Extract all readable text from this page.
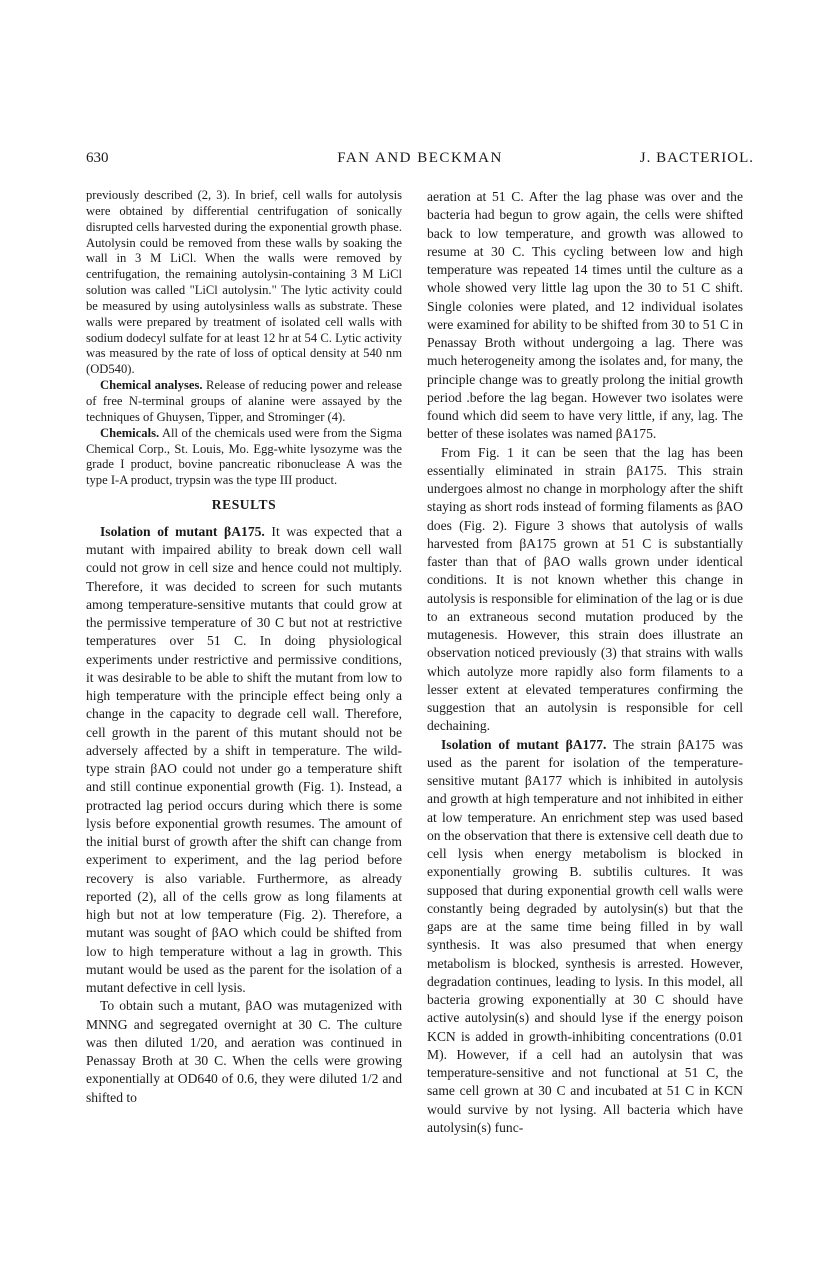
630	FAN AND BECKMAN	J. BACTERIOL.

previously described (2, 3). In brief, cell walls for autolysis were obtained by differential centrifugation of sonically disrupted cells harvested during the exponential growth phase. Autolysin could be removed from these walls by soaking the wall in 3 M LiCl. When the walls were removed by centrifugation, the remaining autolysin-containing 3 M LiCl solution was called "LiCl autolysin." The lytic activity could be measured by using autolysinless walls as substrate. These walls were prepared by treatment of isolated cell walls with sodium dodecyl sulfate for at least 12 hr at 54 C. Lytic activity was measured by the rate of loss of optical density at 540 nm (OD540).

Chemical analyses. Release of reducing power and release of free N-terminal groups of alanine were assayed by the techniques of Ghuysen, Tipper, and Strominger (4).

Chemicals. All of the chemicals used were from the Sigma Chemical Corp., St. Louis, Mo. Egg-white lysozyme was the grade I product, bovine pancreatic ribonuclease A was the type I-A product, trypsin was the type III product.

RESULTS

Isolation of mutant βA175. It was expected that a mutant with impaired ability to break down cell wall could not grow in cell size and hence could not multiply. Therefore, it was decided to screen for such mutants among temperature-sensitive mutants that could grow at the permissive temperature of 30 C but not at restrictive temperatures over 51 C. In doing physiological experiments under restrictive and permissive conditions, it was desirable to be able to shift the mutant from low to high temperature with the principle effect being only a change in the capacity to degrade cell wall. Therefore, cell growth in the parent of this mutant should not be adversely affected by a shift in temperature. The wild-type strain βAO could not under go a temperature shift and still continue exponential growth (Fig. 1). Instead, a protracted lag period occurs during which there is some lysis before exponential growth resumes. The amount of the initial burst of growth after the shift can change from experiment to experiment, and the lag period before recovery is also variable. Furthermore, as already reported (2), all of the cells grow as long filaments at high but not at low temperature (Fig. 2). Therefore, a mutant was sought of βAO which could be shifted from low to high temperature without a lag in growth. This mutant would be used as the parent for the isolation of a mutant defective in cell lysis.

To obtain such a mutant, βAO was mutagenized with MNNG and segregated overnight at 30 C. The culture was then diluted 1/20, and aeration was continued in Penassay Broth at 30 C. When the cells were growing exponentially at OD640 of 0.6, they were diluted 1/2 and shifted to

aeration at 51 C. After the lag phase was over and the bacteria had begun to grow again, the cells were shifted back to low temperature, and growth was allowed to resume at 30 C. This cycling between low and high temperature was repeated 14 times until the culture as a whole showed very little lag upon the 30 to 51 C shift. Single colonies were plated, and 12 individual isolates were examined for ability to be shifted from 30 to 51 C in Penassay Broth without undergoing a lag. There was much heterogeneity among the isolates and, for many, the principle change was to greatly prolong the initial growth period .before the lag began. However two isolates were found which did seem to have very little, if any, lag. The better of these isolates was named βA175.

From Fig. 1 it can be seen that the lag has been essentially eliminated in strain βA175. This strain undergoes almost no change in morphology after the shift staying as short rods instead of forming filaments as βAO does (Fig. 2). Figure 3 shows that autolysis of walls harvested from βA175 grown at 51 C is substantially faster than that of βAO walls grown under identical conditions. It is not known whether this change in autolysis is responsible for elimination of the lag or is due to an extraneous second mutation produced by the mutagenesis. However, this strain does illustrate an observation noticed previously (3) that strains with walls which autolyze more rapidly also form filaments to a lesser extent at elevated temperatures confirming the suggestion that an autolysin is responsible for cell dechaining.

Isolation of mutant βA177. The strain βA175 was used as the parent for isolation of the temperature-sensitive mutant βA177 which is inhibited in autolysis and growth at high temperature and not inhibited in either at low temperature. An enrichment step was used based on the observation that there is extensive cell death due to cell lysis when energy metabolism is blocked in exponentially growing B. subtilis cultures. It was supposed that during exponential growth cell walls were constantly being degraded by autolysin(s) but that the gaps are at the same time being filled in by wall synthesis. It was also presumed that when energy metabolism is blocked, synthesis is arrested. However, degradation continues, leading to lysis. In this model, all bacteria growing exponentially at 30 C should have active autolysin(s) and should lyse if the energy poison KCN is added in growth-inhibiting concentrations (0.01 M). However, if a cell had an autolysin that was temperature-sensitive and not functional at 51 C, the same cell grown at 30 C and incubated at 51 C in KCN would survive by not lysing. All bacteria which have autolysin(s) func-
